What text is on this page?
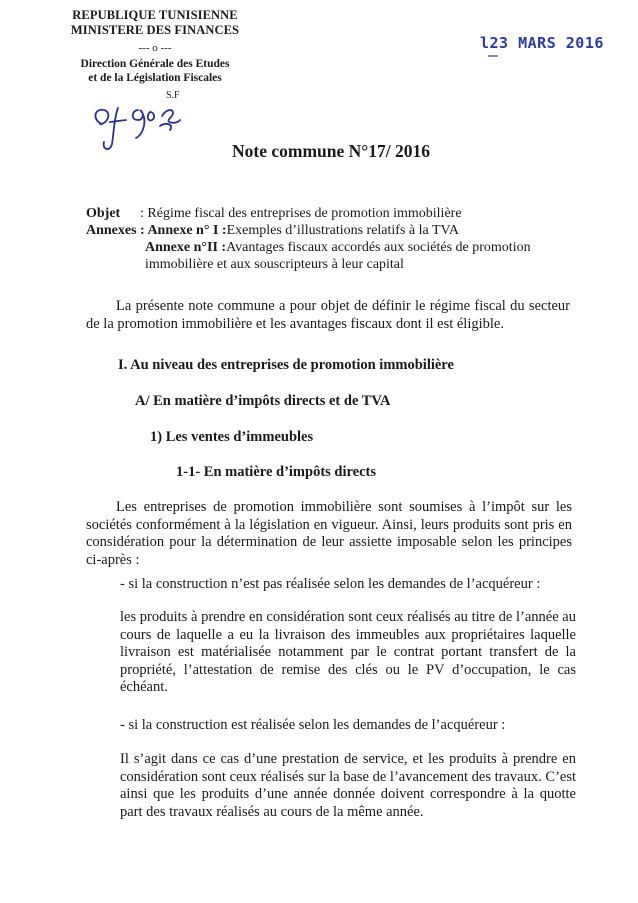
REPUBLIQUE TUNISIENNE
MINISTERE DES FINANCES
--- o ---
Direction Générale des Etudes
et de la Législation Fiscales
S.F
l23 MARS 2016
Note commune N°17/ 2016
Objet	: Régime fiscal des entreprises de promotion immobilière
Annexes : Annexe n° I : Exemples d’illustrations relatifs à la TVA
Annexe n°II : Avantages fiscaux accordés aux sociétés de promotion
immobilière et aux souscripteurs à leur capital
La présente note commune a pour objet de définir le régime fiscal du secteur de la promotion immobilière et les avantages fiscaux dont il est éligible.
I. Au niveau des entreprises de promotion immobilière
A/ En matière d’impôts directs et de TVA
1) Les ventes d’immeubles
1-1- En matière d’impôts directs
Les entreprises de promotion immobilière sont soumises à l’impôt sur les sociétés conformément à la législation en vigueur. Ainsi, leurs produits sont pris en considération pour la détermination de leur assiette imposable selon les principes ci-après :
- si la construction n’est pas réalisée selon les demandes de l’acquéreur :
les produits à prendre en considération sont ceux réalisés au titre de l’année au cours de laquelle a eu la livraison des immeubles aux propriétaires laquelle livraison est matérialisée notamment par le contrat portant transfert de la propriété, l’attestation de remise des clés ou le PV d’occupation, le cas échéant.
- si la construction est réalisée selon les demandes de l’acquéreur :
Il s’agit dans ce cas d’une prestation de service, et les produits à prendre en considération sont ceux réalisés sur la base de l’avancement des travaux. C’est ainsi que les produits d’une année donnée doivent correspondre à la quotte part des travaux réalisés au cours de la même année.
